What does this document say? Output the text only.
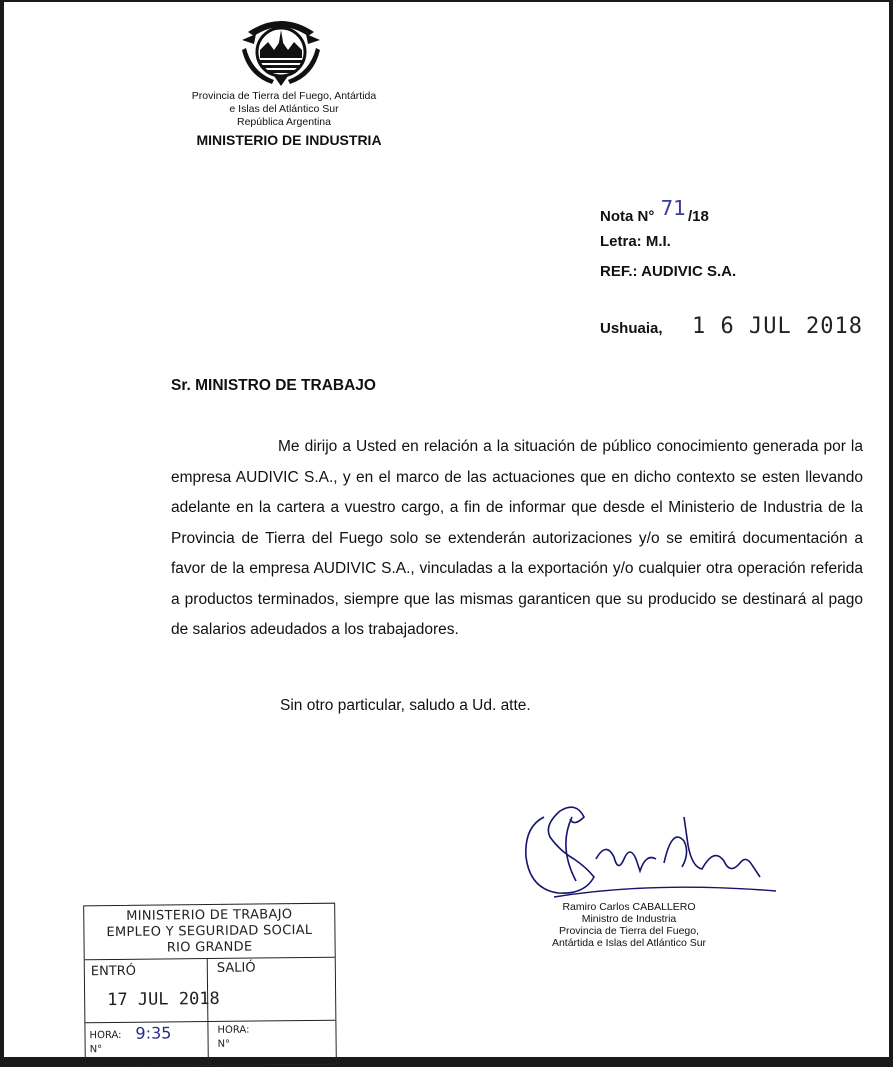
Provincia de Tierra del Fuego, Antártida
e Islas del Atlántico Sur
República Argentina
MINISTERIO DE INDUSTRIA
Nota N° 71 /18
Letra: M.I.
REF.: AUDIVIC S.A.
Ushuaia, 1 6 JUL 2018
Sr. MINISTRO DE TRABAJO

Me dirijo a Usted en relación a la situación de público conocimiento generada por la empresa AUDIVIC S.A., y en el marco de las actuaciones que en dicho contexto se esten llevando adelante en la cartera a vuestro cargo, a fin de informar que desde el Ministerio de Industria de la Provincia de Tierra del Fuego solo se extenderán autorizaciones y/o se emitirá documentación a favor de la empresa AUDIVIC S.A., vinculadas a la exportación y/o cualquier otra operación referida a productos terminados, siempre que las mismas garanticen que su producido se destinará al pago de salarios adeudados a los trabajadores.

Sin otro particular, saludo a Ud. atte.
Ramiro Carlos CABALLERO
Ministro de Industria
Provincia de Tierra del Fuego,
Antártida e Islas del Atlántico Sur
MINISTERIO DE TRABAJO
EMPLEO Y SEGURIDAD SOCIAL
RIO GRANDE
ENTRÓ	SALIÓ
17 JUL 2018
HORA: 9:35
N°
HORA:
N°
